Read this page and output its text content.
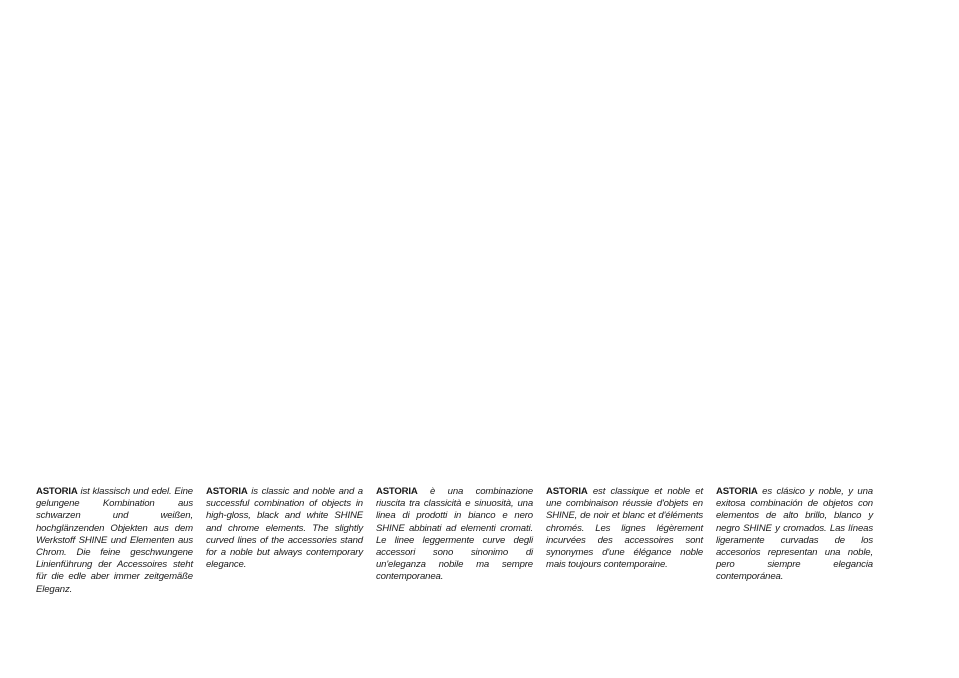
ASTORIA ist klassisch und edel. Eine gelungene Kombination aus schwarzen und weißen, hochglänzenden Objekten aus dem Werkstoff SHINE und Elementen aus Chrom. Die feine geschwungene Linienführung der Accessoires steht für die edle aber immer zeitgemäße Eleganz.

ASTORIA is classic and noble and a successful combination of objects in high-gloss, black and white SHINE and chrome elements. The slightly curved lines of the accessories stand for a noble but always contemporary elegance.

ASTORIA è una combinazione riuscita tra classicità e sinuosità, una linea di prodotti in bianco e nero SHINE abbinati ad elementi cromati. Le linee leggermente curve degli accessori sono sinonimo di un'eleganza nobile ma sempre contemporanea.

ASTORIA est classique et noble et une combinaison réussie d'objets en SHINE, de noir et blanc et d'éléments chromés. Les lignes légèrement incurvées des accessoires sont synonymes d'une élégance noble mais toujours contemporaine.

ASTORIA es clásico y noble, y una exitosa combinación de objetos con elementos de alto brillo, blanco y negro SHINE y cromados. Las líneas ligeramente curvadas de los accesorios representan una noble, pero siempre elegancia contemporánea.
